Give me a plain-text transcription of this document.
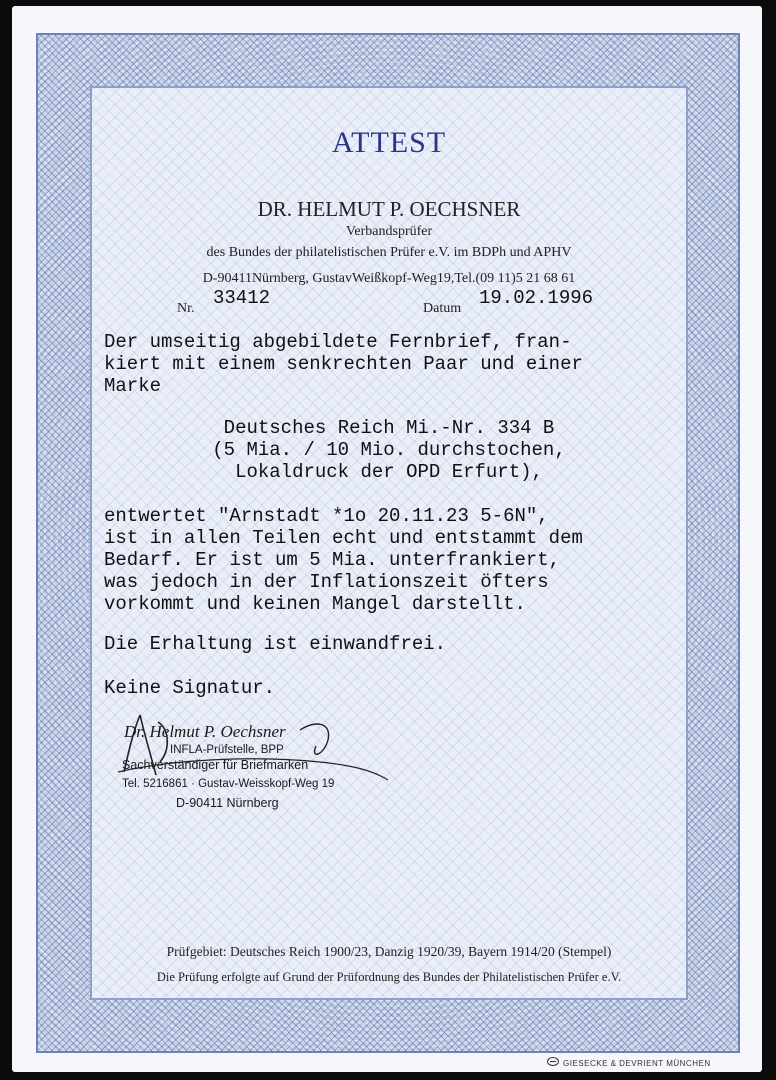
ATTEST
DR. HELMUT P. OECHSNER
Verbandsprüfer
des Bundes der philatelistischen Prüfer e.V. im BDPh und APHV
D-90411Nürnberg, GustavWeißkopf-Weg19,Tel.(09 11)5 21 68 61
Nr. 33412	Datum 19.02.1996
Der umseitig abgebildete Fernbrief, fran-
kiert mit einem senkrechten Paar und einer
Marke
Deutsches Reich Mi.-Nr. 334 B
(5 Mia. / 10 Mio. durchstochen,
Lokaldruck der OPD Erfurt),
entwertet "Arnstadt *1o 20.11.23 5-6N",
ist in allen Teilen echt und entstammt dem
Bedarf. Er ist um 5 Mia. unterfrankiert,
was jedoch in der Inflationszeit öfters
vorkommt und keinen Mangel darstellt.
Die Erhaltung ist einwandfrei.
Keine Signatur.
Dr. Helmut P. Oechsner
INFLA-Prüfstelle, BPP
Sachverständiger für Briefmarken
Tel. 5216861 · Gustav-Weisskopf-Weg 19
D-90411 Nürnberg
Prüfgebiet: Deutsches Reich 1900/23, Danzig 1920/39, Bayern 1914/20 (Stempel)
Die Prüfung erfolgte auf Grund der Prüfordnung des Bundes der Philatelistischen Prüfer e.V.
GIESECKE & DEVRIENT MÜNCHEN
